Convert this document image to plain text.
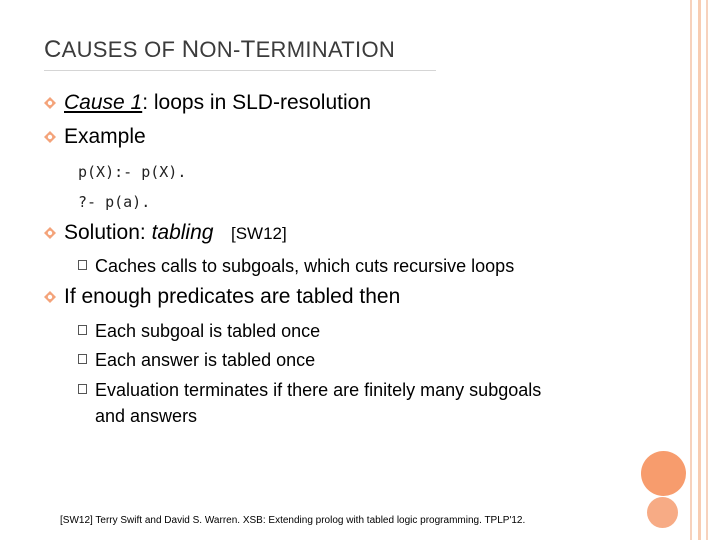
CAUSES OF NON-TERMINATION
Cause 1: loops in SLD-resolution
Example
p(X):- p(X).
?- p(a).
Solution: tabling [SW12]
Caches calls to subgoals, which cuts recursive loops
If enough predicates are tabled then
Each subgoal is tabled once
Each answer is tabled once
Evaluation terminates if there are finitely many subgoals
and answers
[SW12] Terry Swift and David S. Warren. XSB: Extending prolog with tabled logic programming. TPLP'12.
